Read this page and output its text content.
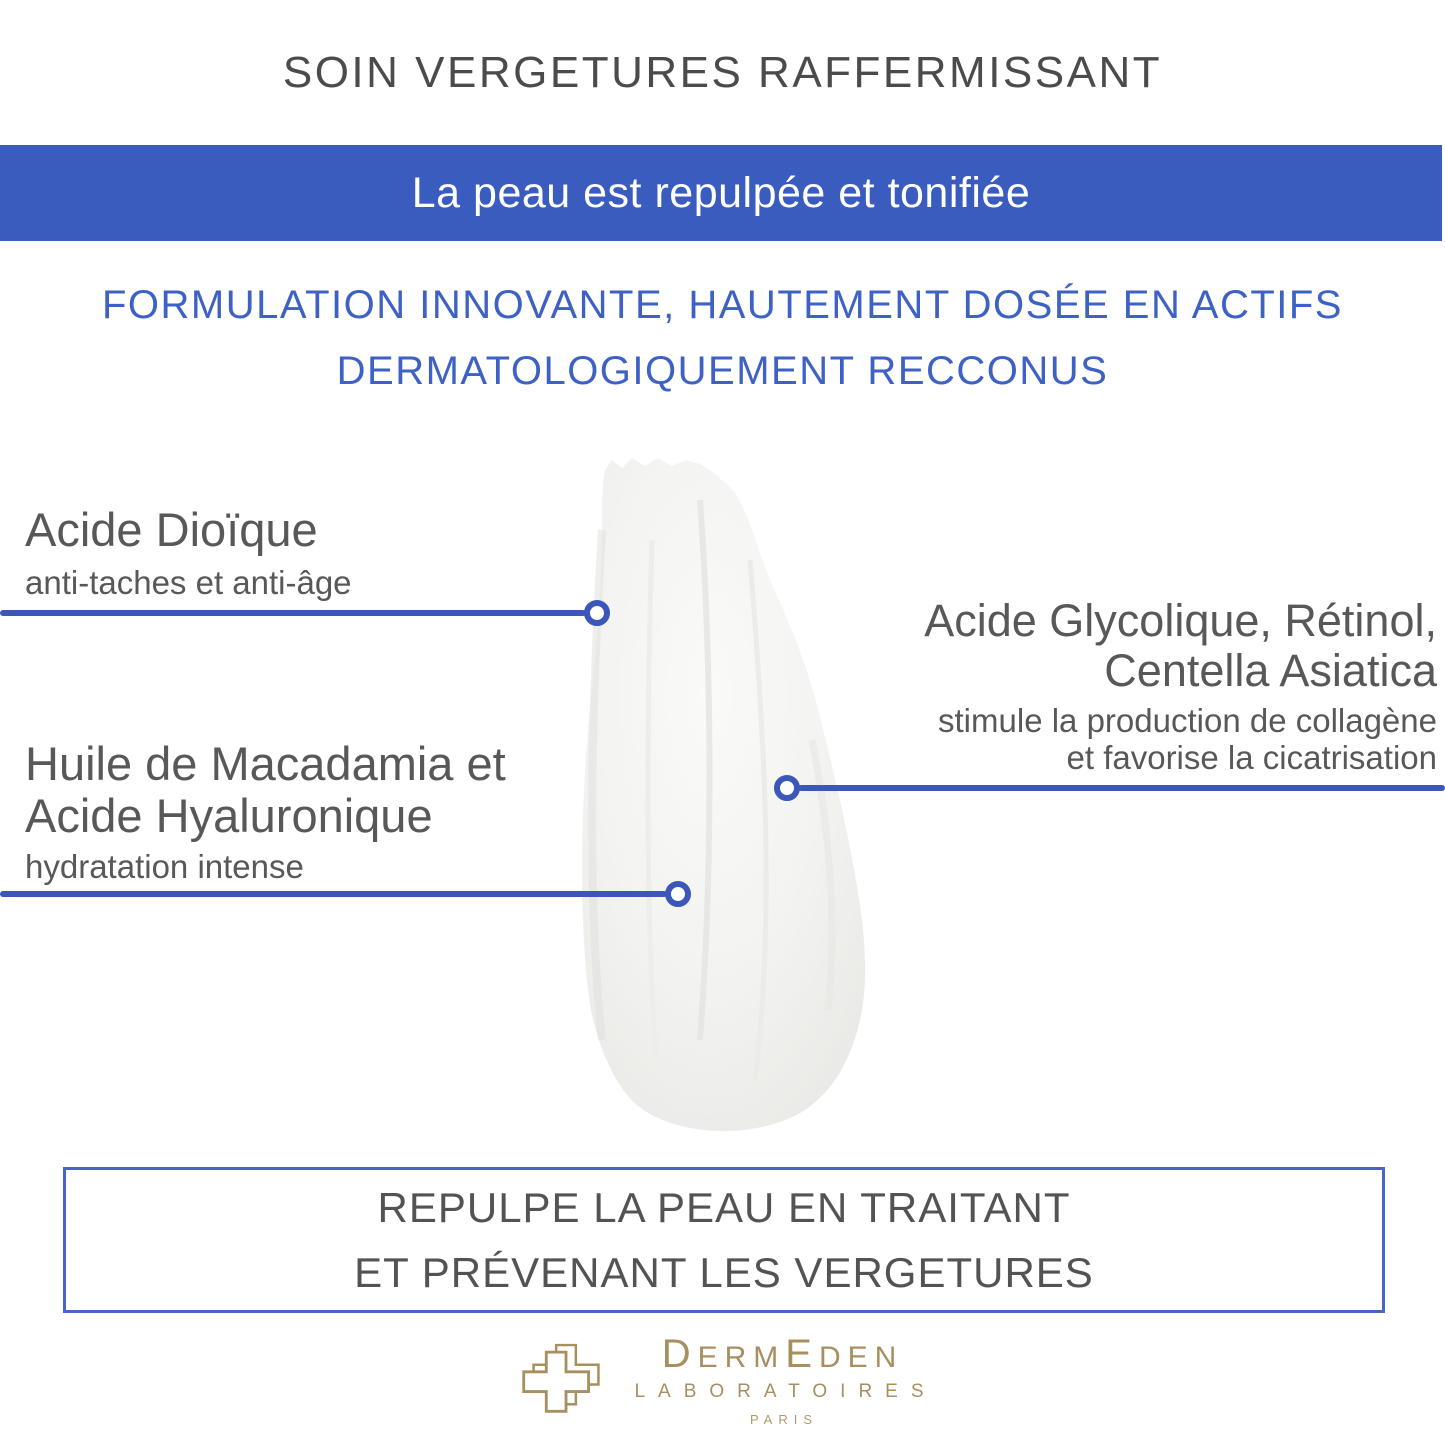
SOIN VERGETURES RAFFERMISSANT
La peau est repulpée et tonifiée
FORMULATION INNOVANTE, HAUTEMENT DOSÉE EN ACTIFS
DERMATOLOGIQUEMENT RECCONUS
Acide Dioïque
anti-taches et anti-âge
Acide Glycolique, Rétinol,
Centella Asiatica
stimule la production de collagène
et favorise la cicatrisation
Huile de Macadamia et
Acide Hyaluronique
hydratation intense
REPULPE LA PEAU EN TRAITANT
ET PRÉVENANT LES VERGETURES
D ERM E DEN
LABORATOIRES
PARIS
